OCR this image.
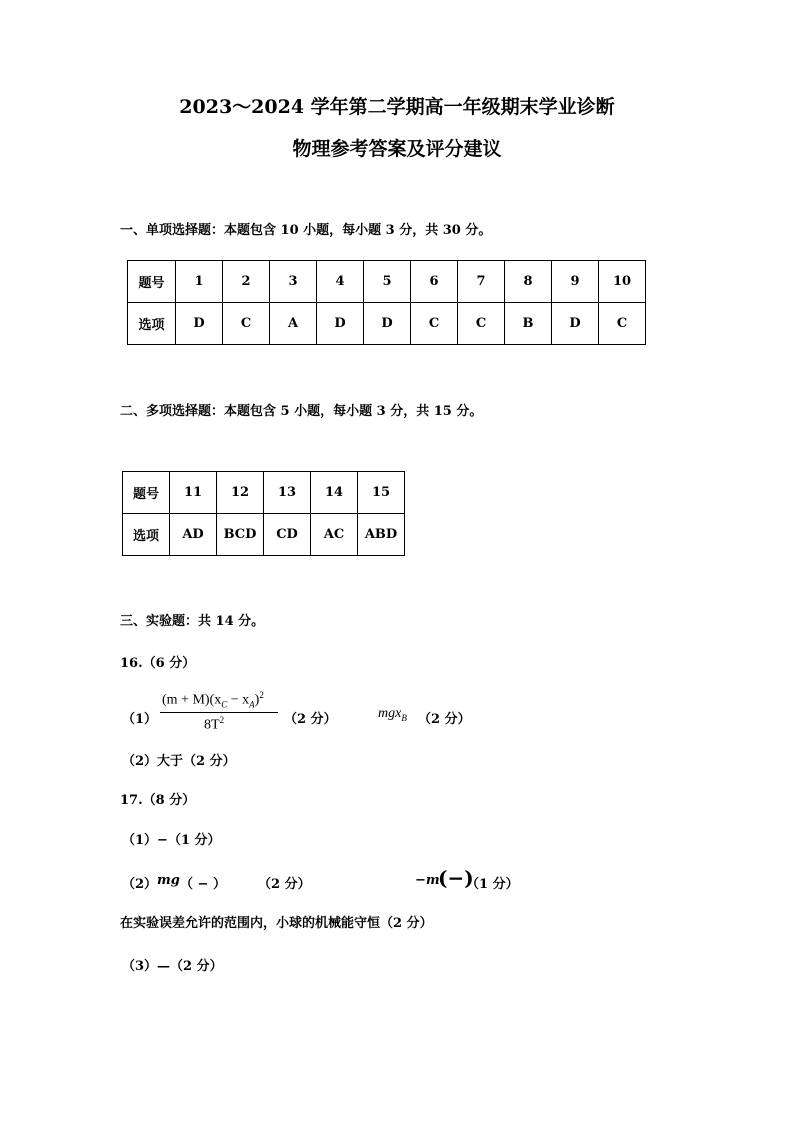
2023～2024 学年第二学期高一年级期末学业诊断
物理参考答案及评分建议
一、单项选择题：本题包含 10 小题，每小题 3 分，共 30 分。
题号	1	2	3	4	5	6	7	8	9	10
选项	D	C	A	D	D	C	C	B	D	C
二、多项选择题：本题包含 5 小题，每小题 3 分，共 15 分。
题号	11	12	13	14	15
选项	AD	BCD	CD	AC	ABD
三、实验题：共 14 分。
16.（6 分）
（1）
$(m + M)(x_C - x_A)^2$
$8T^2$	（2 分）	mgx$_B$ （2 分）
（2）大于（2 分）
17.（8 分）
（1）−（1 分）
（2） mg （ − ） （2 分）	−m
(−)
（1 分）
在实验误差允许的范围内，小球的机械能守恒（2 分）
（3）—（2 分）
